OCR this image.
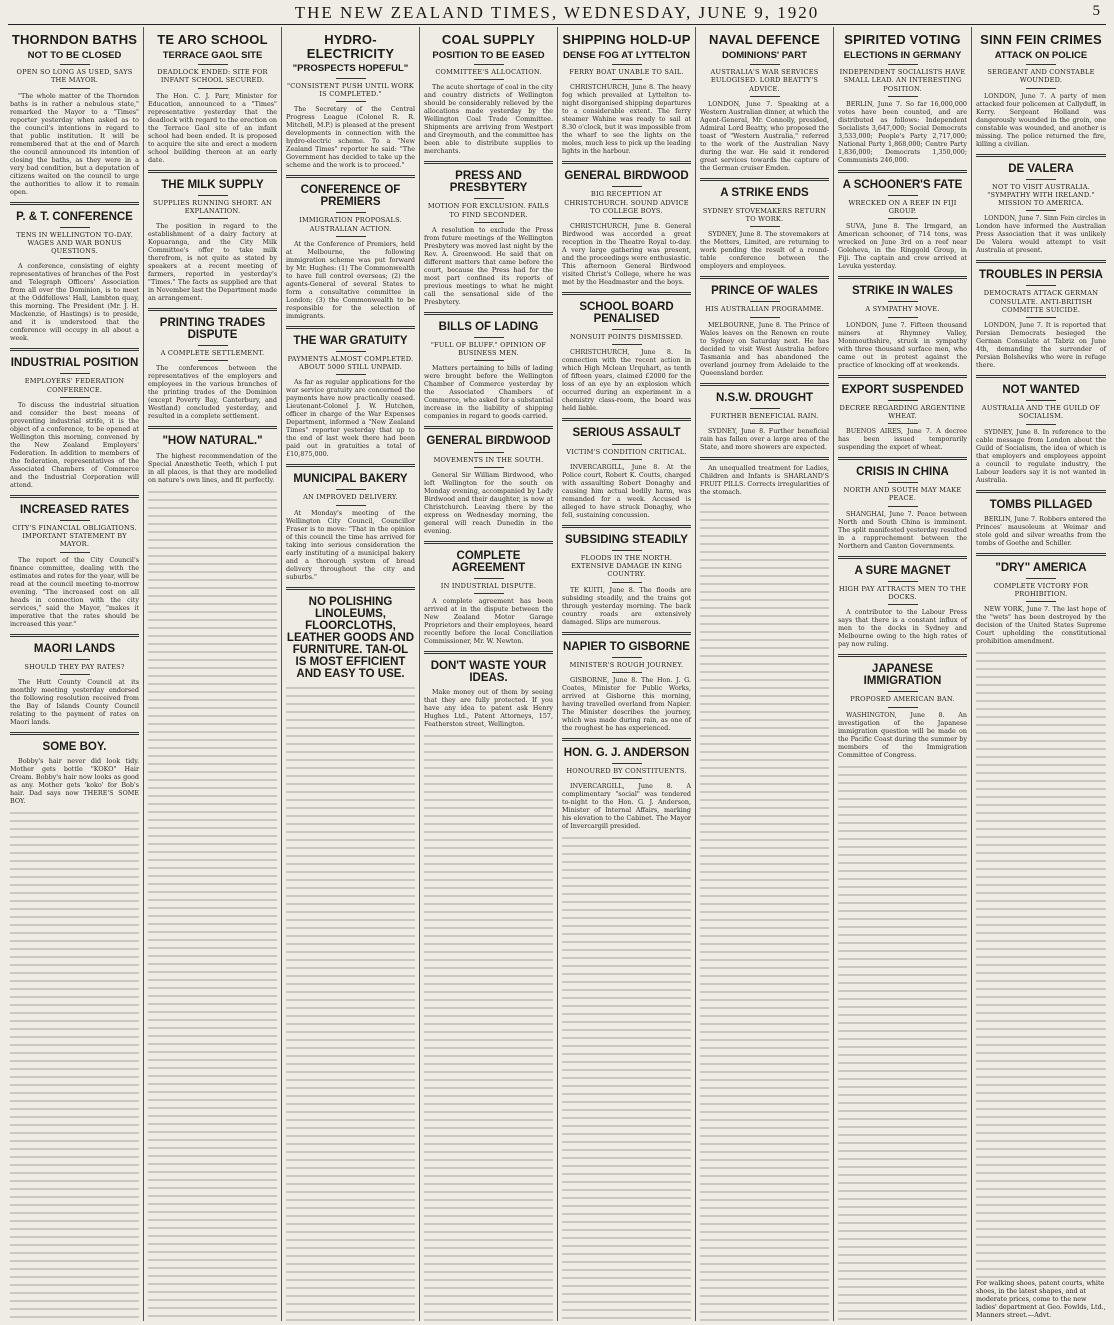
THE NEW ZEALAND TIMES, WEDNESDAY, JUNE 9, 1920	5
THORNDON BATHS
NOT TO BE CLOSED
OPEN SO LONG AS USED, SAYS THE MAYOR.

"The whole matter of the Thorndon baths is in rather a nebulous state," remarked the Mayor to a "Times" reporter yesterday when asked as to the council's intentions in regard to that public institution. It will be remembered that at the end of March the council announced its intention of closing the baths, as they were in a very bad condition, but a deputation of citizens waited on the council to urge the authorities to allow it to remain open.

P. & T. CONFERENCE
TENS IN WELLINGTON TO-DAY. WAGES AND WAR BONUS QUESTIONS.

A conference, consisting of eighty representatives of branches of the Post and Telegraph Officers' Association from all over the Dominion, is to meet at the Oddfellows' Hall, Lambton quay, this morning. The President (Mr. J. H. Mackenzie, of Hastings) is to preside, and it is understood that the conference will occupy in all about a week.

INDUSTRIAL POSITION
EMPLOYERS' FEDERATION CONFERENCE.

To discuss the industrial situation and consider the best means of preventing industrial strife, it is the object of a conference, to be opened at Wellington this morning, convened by the New Zealand Employers' Federation. In addition to members of the federation, representatives of the Associated Chambers of Commerce and the Industrial Corporation will attend.

INCREASED RATES
CITY'S FINANCIAL OBLIGATIONS. IMPORTANT STATEMENT BY MAYOR.

The report of the City Council's finance committee, dealing with the estimates and rates for the year, will be read at the council meeting to-morrow evening. "The increased cost on all heads in connection with the city services," said the Mayor, "makes it imperative that the rates should be increased this year."

MAORI LANDS
SHOULD THEY PAY RATES?

The Hutt County Council at its monthly meeting yesterday endorsed the following resolution received from the Bay of Islands County Council relating to the payment of rates on Maori lands.

SOME BOY.

Bobby's hair never did look tidy. Mother gets bottle "KOKO" Hair Cream. Bobby's hair now looks as good as any. Mother gets 'koko' for Bob's hair. Dad says now THERE'S SOME BOY.

TE ARO SCHOOL
TERRACE GAOL SITE
DEADLOCK ENDED: SITE FOR INFANT SCHOOL SECURED.

The Hon. C. J. Parr, Minister for Education, announced to a "Times" representative yesterday that the deadlock with regard to the erection on the Terrace Gaol site of an infant school had been ended. It is proposed to acquire the site and erect a modern school building thereon at an early date.

THE MILK SUPPLY
SUPPLIES RUNNING SHORT. AN EXPLANATION.

The position in regard to the establishment of a dairy factory at Kopuaranga, and the City Milk Committee's offer to take milk therefrom, is not quite as stated by speakers at a recent meeting of farmers, reported in yesterday's "Times." The facts as supplied are that in November last the Department made an arrangement.

PRINTING TRADES DISPUTE
A COMPLETE SETTLEMENT.

The conferences between the representatives of the employers and employees in the various branches of the printing trades of the Dominion (except Poverty Bay, Canterbury, and Westland) concluded yesterday, and resulted in a complete settlement.

"HOW NATURAL."

The highest recommendation of the Special Anæsthetic Teeth, which I put in all places, is that they are modelled on nature's own lines, and fit perfectly.

HYDRO-ELECTRICITY
"PROSPECTS HOPEFUL"
"CONSISTENT PUSH UNTIL WORK IS COMPLETED."

The Secretary of the Central Progress League (Colonel R. R. Mitchell, M.P.) is pleased at the present developments in connection with the hydro-electric scheme. To a "New Zealand Times" reporter he said: "The Government has decided to take up the scheme and the work is to proceed."

CONFERENCE OF PREMIERS
IMMIGRATION PROPOSALS. AUSTRALIAN ACTION.

At the Conference of Premiers, held at Melbourne, the following immigration scheme was put forward by Mr. Hughes: (1) The Commonwealth to have full control overseas; (2) the agents-General of several States to form a consultative committee in London; (3) the Commonwealth to be responsible for the selection of immigrants.

THE WAR GRATUITY
PAYMENTS ALMOST COMPLETED. ABOUT 5000 STILL UNPAID.

As far as regular applications for the war service gratuity are concerned the payments have now practically ceased. Lieutenant-Colonel J. W. Hutchen, officer in charge of the War Expenses Department, informed a "New Zealand Times" reporter yesterday that up to the end of last week there had been paid out in gratuities a total of £10,875,000.

MUNICIPAL BAKERY
AN IMPROVED DELIVERY.

At Monday's meeting of the Wellington City Council, Councillor Fraser is to move: "That in the opinion of this council the time has arrived for taking into serious consideration the early instituting of a municipal bakery and a thorough system of bread delivery throughout the city and suburbs."

NO POLISHING LINOLEUMS, FLOORCLOTHS, LEATHER GOODS AND FURNITURE. TAN-OL IS MOST EFFICIENT AND EASY TO USE.
COAL SUPPLY
POSITION TO BE EASED
COMMITTEE'S ALLOCATION.

The acute shortage of coal in the city and country districts of Wellington should be considerably relieved by the allocations made yesterday by the Wellington Coal Trade Committee. Shipments are arriving from Westport and Greymouth, and the committee has been able to distribute supplies to merchants.

PRESS AND PRESBYTERY
MOTION FOR EXCLUSION. FAILS TO FIND SECONDER.

A resolution to exclude the Press from future meetings of the Wellington Presbytery was moved last night by the Rev. A. Greenwood. He said that on different matters that came before the court, because the Press had for the most part confined its reports of previous meetings to what he might call the sensational side of the Presbytery.

BILLS OF LADING
"FULL OF BLUFF." OPINION OF BUSINESS MEN.

Matters pertaining to bills of lading were brought before the Wellington Chamber of Commerce yesterday by the Associated Chambers of Commerce, who asked for a substantial increase in the liability of shipping companies in regard to goods carried.

GENERAL BIRDWOOD
MOVEMENTS IN THE SOUTH.

General Sir William Birdwood, who left Wellington for the south on Monday evening, accompanied by Lady Birdwood and their daughter, is now at Christchurch. Leaving there by the express on Wednesday morning, the general will reach Dunedin in the evening.

COMPLETE AGREEMENT
IN INDUSTRIAL DISPUTE.

A complete agreement has been arrived at in the dispute between the New Zealand Motor Garage Proprietors and their employees, heard recently before the local Conciliation Commissioner, Mr. W. Newton.

DON'T WASTE YOUR IDEAS.

Make money out of them by seeing that they are fully protected. If you have any idea to patent ask Henry Hughes Ltd., Patent Attorneys, 157, Featherston street, Wellington.

SHIPPING HOLD-UP
DENSE FOG AT LYTTELTON
FERRY BOAT UNABLE TO SAIL.

CHRISTCHURCH, June 8. The heavy fog which prevailed at Lyttelton to-night disorganised shipping departures to a considerable extent. The ferry steamer Wahine was ready to sail at 8.30 o'clock, but it was impossible from the wharf to see the lights on the moles, much less to pick up the leading lights in the harbour.

GENERAL BIRDWOOD
BIG RECEPTION AT CHRISTCHURCH. SOUND ADVICE TO COLLEGE BOYS.

CHRISTCHURCH, June 8. General Birdwood was accorded a great reception in the Theatre Royal to-day. A very large gathering was present, and the proceedings were enthusiastic. This afternoon General Birdwood visited Christ's College, where he was met by the Headmaster and the boys.

SCHOOL BOARD PENALISED
NONSUIT POINTS DISMISSED.

CHRISTCHURCH, June 8. In connection with the recent action in which High Mclean Urquhart, as tenth of fifteen years, claimed £2000 for the loss of an eye by an explosion which occurred during an experiment in a chemistry class-room, the board was held liable.

SERIOUS ASSAULT
VICTIM'S CONDITION CRITICAL.

INVERCARGILL, June 8. At the Police court, Robert K. Coutts, charged with assaulting Robert Donaghy and causing him actual bodily harm, was remanded for a week. Accused is alleged to have struck Donaghy, who fell, sustaining concussion.

SUBSIDING STEADILY
FLOODS IN THE NORTH. EXTENSIVE DAMAGE IN KING COUNTRY.

TE KUITI, June 8. The floods are subsiding steadily, and the trains got through yesterday morning. The back country roads are extensively damaged. Slips are numerous.

NAPIER TO GISBORNE
MINISTER'S ROUGH JOURNEY.

GISBORNE, June 8. The Hon. J. G. Coates, Minister for Public Works, arrived at Gisborne this morning, having travelled overland from Napier. The Minister describes the journey, which was made during rain, as one of the roughest he has experienced.

HON. G. J. ANDERSON
HONOURED BY CONSTITUENTS.

INVERCARGILL, June 8. A complimentary "social" was tendered to-night to the Hon. G. J. Anderson, Minister of Internal Affairs, marking his elevation to the Cabinet. The Mayor of Invercargill presided.

NAVAL DEFENCE
DOMINIONS' PART
AUSTRALIA'S WAR SERVICES EULOGISED. LORD BEATTY'S ADVICE.

LONDON, June 7. Speaking at a Western Australian dinner, at which the Agent-General, Mr. Connolly, presided, Admiral Lord Beatty, who proposed the toast of "Western Australia," referred to the work of the Australian Navy during the war. He said it rendered great services towards the capture of the German cruiser Emden.

A STRIKE ENDS
SYDNEY STOVEMAKERS RETURN TO WORK.

SYDNEY, June 8. The stovemakers at the Metters, Limited, are returning to work pending the result of a round-table conference between the employers and employees.

PRINCE OF WALES
HIS AUSTRALIAN PROGRAMME.

MELBOURNE, June 8. The Prince of Wales leaves on the Renown en route to Sydney on Saturday next. He has decided to visit West Australia before Tasmania and has abandoned the overland journey from Adelaide to the Queensland border.

N.S.W. DROUGHT
FURTHER BENEFICIAL RAIN.

SYDNEY, June 8. Further beneficial rain has fallen over a large area of the State, and more showers are expected.

An unequalled treatment for Ladies, Children and Infants is SHARLAND'S FRUIT PILLS. Corrects irregularities of the stomach.

SPIRITED VOTING
ELECTIONS IN GERMANY
INDEPENDENT SOCIALISTS HAVE SMALL LEAD. AN INTERESTING POSITION.

BERLIN, June 7. So far 16,000,000 votes have been counted, and are distributed as follows: Independent Socialists 3,647,000; Social Democrats 3,533,000; People's Party 2,717,000; National Party 1,868,000; Centre Party 1,836,000; Democrats 1,350,000; Communists 246,000.

A SCHOONER'S FATE
WRECKED ON A REEF IN FIJI GROUP.

SUVA, June 8. The Irmgard, an American schooner, of 714 tons, was wrecked on June 3rd on a reef near Goleheva, in the Ringgold Group, in Fiji. The captain and crew arrived at Levuka yesterday.

STRIKE IN WALES
A SYMPATHY MOVE.

LONDON, June 7. Fifteen thousand miners at Rhymney Valley, Monmouthshire, struck in sympathy with three thousand surface men, who came out in protest against the practice of knocking off at weekends.

EXPORT SUSPENDED
DECREE REGARDING ARGENTINE WHEAT.

BUENOS AIRES, June 7. A decree has been issued temporarily suspending the export of wheat.

CRISIS IN CHINA
NORTH AND SOUTH MAY MAKE PEACE.

SHANGHAI, June 7. Peace between North and South China is imminent. The split manifested yesterday resulted in a rapprochement between the Northern and Canton Governments.

A SURE MAGNET
HIGH PAY ATTRACTS MEN TO THE DOCKS.

A contributor to the Labour Press says that there is a constant influx of men to the docks in Sydney and Melbourne owing to the high rates of pay now ruling.

JAPANESE IMMIGRATION
PROPOSED AMERICAN BAN.

WASHINGTON, June 8. An investigation of the Japanese immigration question will be made on the Pacific Coast during the summer by members of the Immigration Committee of Congress.

SINN FEIN CRIMES
ATTACK ON POLICE
SERGEANT AND CONSTABLE WOUNDED.

LONDON, June 7. A party of men attacked four policemen at Callyduff, in Kerry. Sergeant Holland was dangerously wounded in the groin, one constable was wounded, and another is missing. The police returned the fire, killing a civilian.

DE VALERA
NOT TO VISIT AUSTRALIA. "SYMPATHY WITH IRELAND." MISSION TO AMERICA.

LONDON, June 7. Sinn Fein circles in London have informed the Australian Press Association that it was unlikely De Valera would attempt to visit Australia at present.

TROUBLES IN PERSIA
DEMOCRATS ATTACK GERMAN CONSULATE. ANTI-BRITISH COMMITTE SUICIDE.

LONDON, June 7. It is reported that Persian Democrats besieged the German Consulate at Tabriz on June 4th, demanding the surrender of Persian Bolsheviks who were in refuge there.

NOT WANTED
AUSTRALIA AND THE GUILD OF SOCIALISM.

SYDNEY, June 8. In reference to the cable message from London about the Guild of Socialism, the idea of which is that employers and employees appoint a council to regulate industry, the Labour leaders say it is not wanted in Australia.

TOMBS PILLAGED

BERLIN, June 7. Robbers entered the Princes' mausoleum at Weimar and stole gold and silver wreaths from the tombs of Goethe and Schiller.

"DRY" AMERICA
COMPLETE VICTORY FOR PROHIBITION.

NEW YORK, June 7. The last hope of the "wets" has been destroyed by the decision of the United States Supreme Court upholding the constitutional prohibition amendment.

For walking shoes, patent courts, white shoes, in the latest shapes, and at moderate prices, come to the new ladies' department at Geo. Fowlds, Ltd., Manners street.—Advt.
